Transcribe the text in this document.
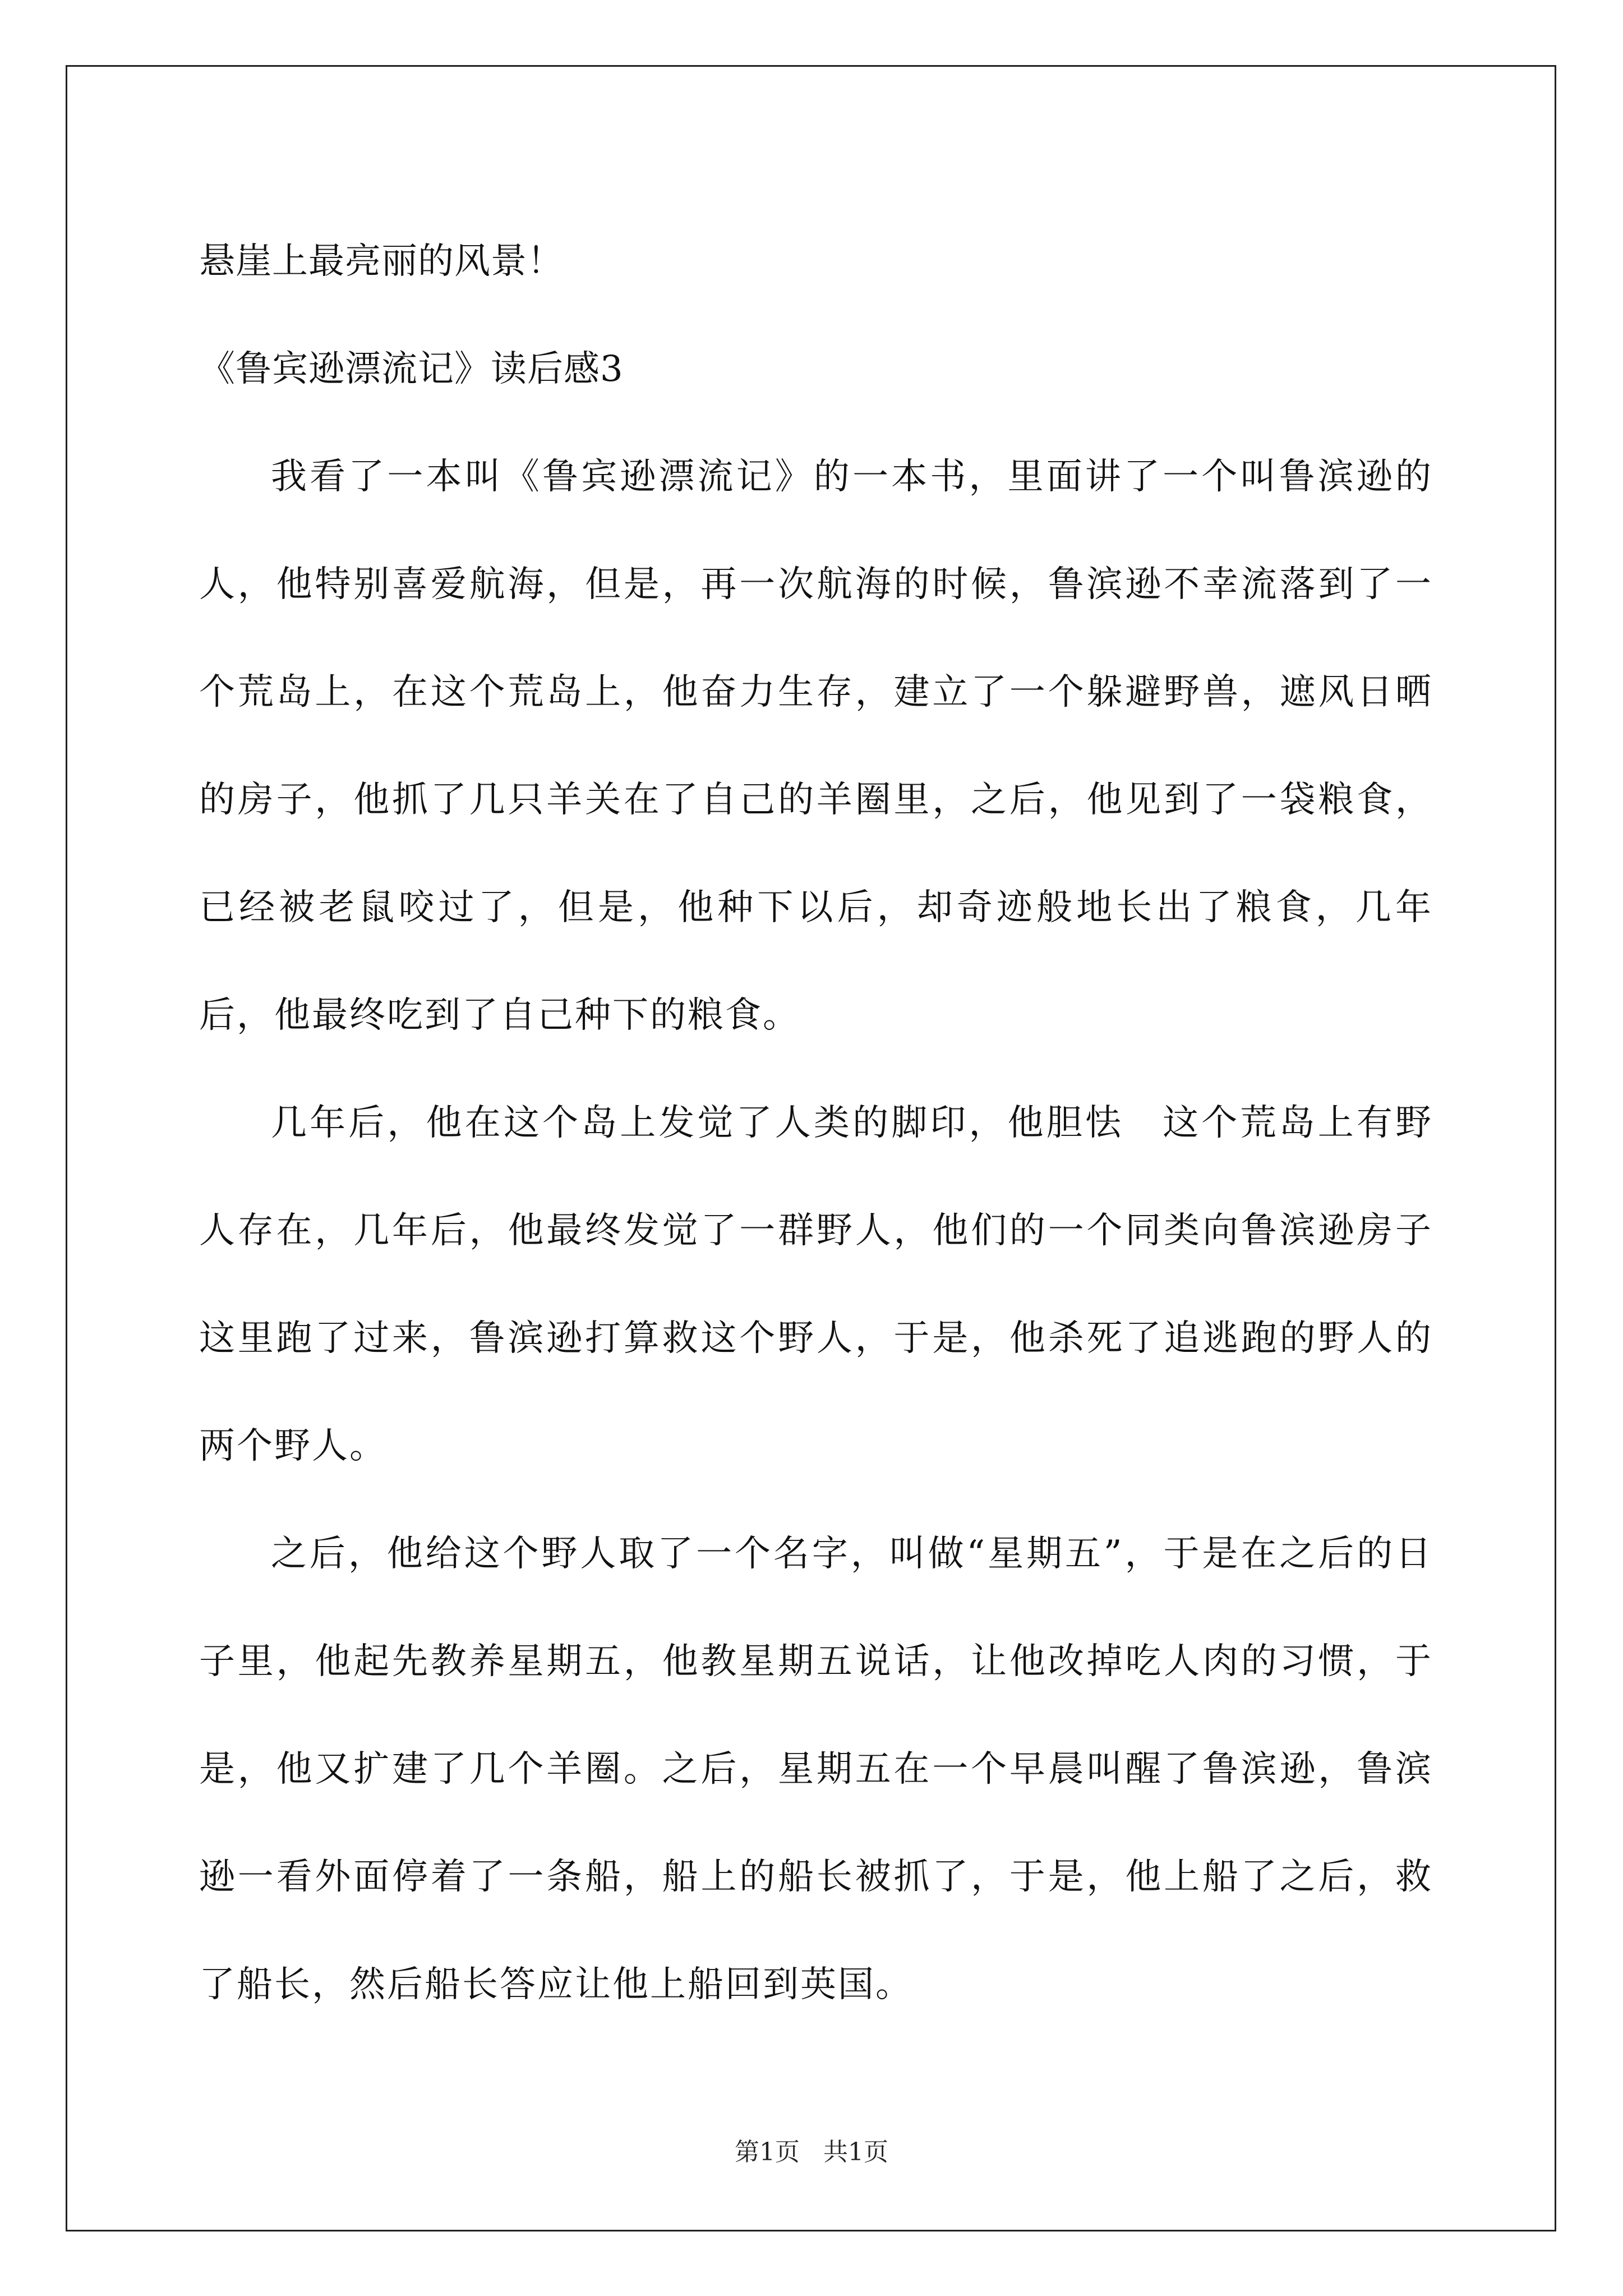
悬崖上最亮丽的风景！
《鲁宾逊漂流记》读后感3

我看了一本叫《鲁宾逊漂流记》的一本书，里面讲了一个叫鲁滨逊的人，他特别喜爱航海，但是，再一次航海的时候，鲁滨逊不幸流落到了一个荒岛上，在这个荒岛上，他奋力生存，建立了一个躲避野兽，遮风日晒的房子，他抓了几只羊关在了自己的羊圈里，之后，他见到了一袋粮食，已经被老鼠咬过了，但是，他种下以后，却奇迹般地长出了粮食，几年后，他最终吃到了自己种下的粮食。

几年后，他在这个岛上发觉了人类的脚印，他胆怯　这个荒岛上有野人存在，几年后，他最终发觉了一群野人，他们的一个同类向鲁滨逊房子这里跑了过来，鲁滨逊打算救这个野人，于是，他杀死了追逃跑的野人的两个野人。

之后，他给这个野人取了一个名字，叫做“星期五”，于是在之后的日子里，他起先教养星期五，他教星期五说话，让他改掉吃人肉的习惯，于是，他又扩建了几个羊圈。之后，星期五在一个早晨叫醒了鲁滨逊，鲁滨逊一看外面停着了一条船，船上的船长被抓了，于是，他上船了之后，救了船长，然后船长答应让他上船回到英国。

第1页 共1页
